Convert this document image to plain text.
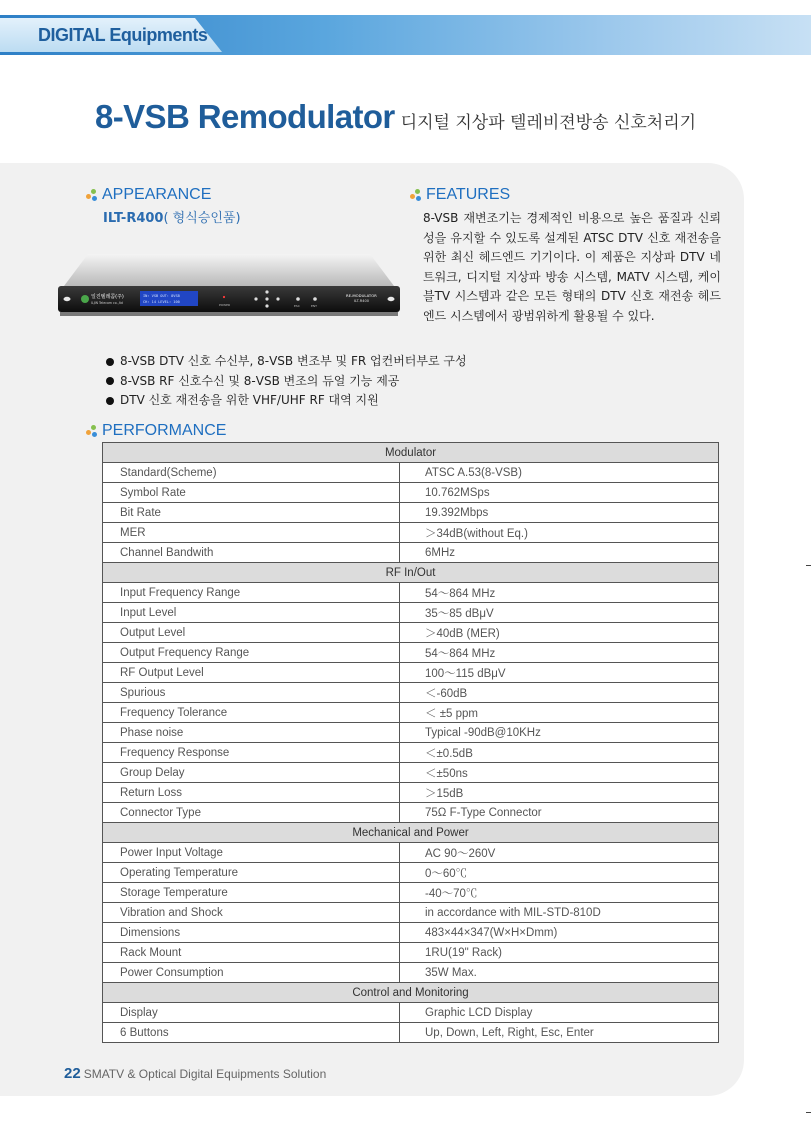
DIGITAL Equipments
8-VSB Remodulator 디지털 지상파 텔레비젼방송 신호처리기
APPEARANCE
ILT-R400( 형식승인품)
일진텔레콤(주)
ILJIN Telecom co.,ltd
IN: VSB OUT: 8VSB
CH: 14 LEVEL: 100
POWER	ESC	ENT
RE-MODULATOR
ILT-R400
FEATURES
8-VSB 재변조기는 경제적인 비용으로 높은 품질과 신뢰성을 유지할 수 있도록 설계된 ATSC DTV 신호 재전송을 위한 최신 헤드엔드 기기이다. 이 제품은 지상파 DTV 네트워크, 디지털 지상파 방송 시스템, MATV 시스템, 케이블TV 시스템과 같은 모든 형태의 DTV 신호 재전송 헤드엔드 시스템에서 광범위하게 활용될 수 있다.
8-VSB DTV 신호 수신부, 8-VSB 변조부 및 FR 업컨버터부로 구성
8-VSB RF 신호수신 및 8-VSB 변조의 듀얼 기능 제공
DTV 신호 재전송을 위한 VHF/UHF RF 대역 지원
PERFORMANCE
Modulator	
Standard(Scheme)	ATSC A.53(8-VSB)
Symbol Rate	10.762MSps
Bit Rate	19.392Mbps
MER	＞34dB(without Eq.)
Channel Bandwith	6MHz
RF In/Out	
Input Frequency Range	54～864 MHz
Input Level	35～85 dBμV
Output Level	＞40dB (MER)
Output Frequency Range	54～864 MHz
RF Output Level	100～115 dBμV
Spurious	＜-60dB
Frequency Tolerance	＜ ±5 ppm
Phase noise	Typical -90dB@10KHz
Frequency Response	＜±0.5dB
Group Delay	＜±50ns
Return Loss	＞15dB
Connector Type	75Ω F-Type Connector
Mechanical and Power	
Power Input Voltage	AC 90～260V
Operating Temperature	0～60℃
Storage Temperature	-40～70℃
Vibration and Shock	in accordance with MIL-STD-810D
Dimensions	483×44×347(W×H×Dmm)
Rack Mount	1RU(19" Rack)
Power Consumption	35W Max.
Control and Monitoring	
Display	Graphic LCD Display
6 Buttons	Up, Down, Left, Right, Esc, Enter
22 SMATV & Optical Digital Equipments Solution
